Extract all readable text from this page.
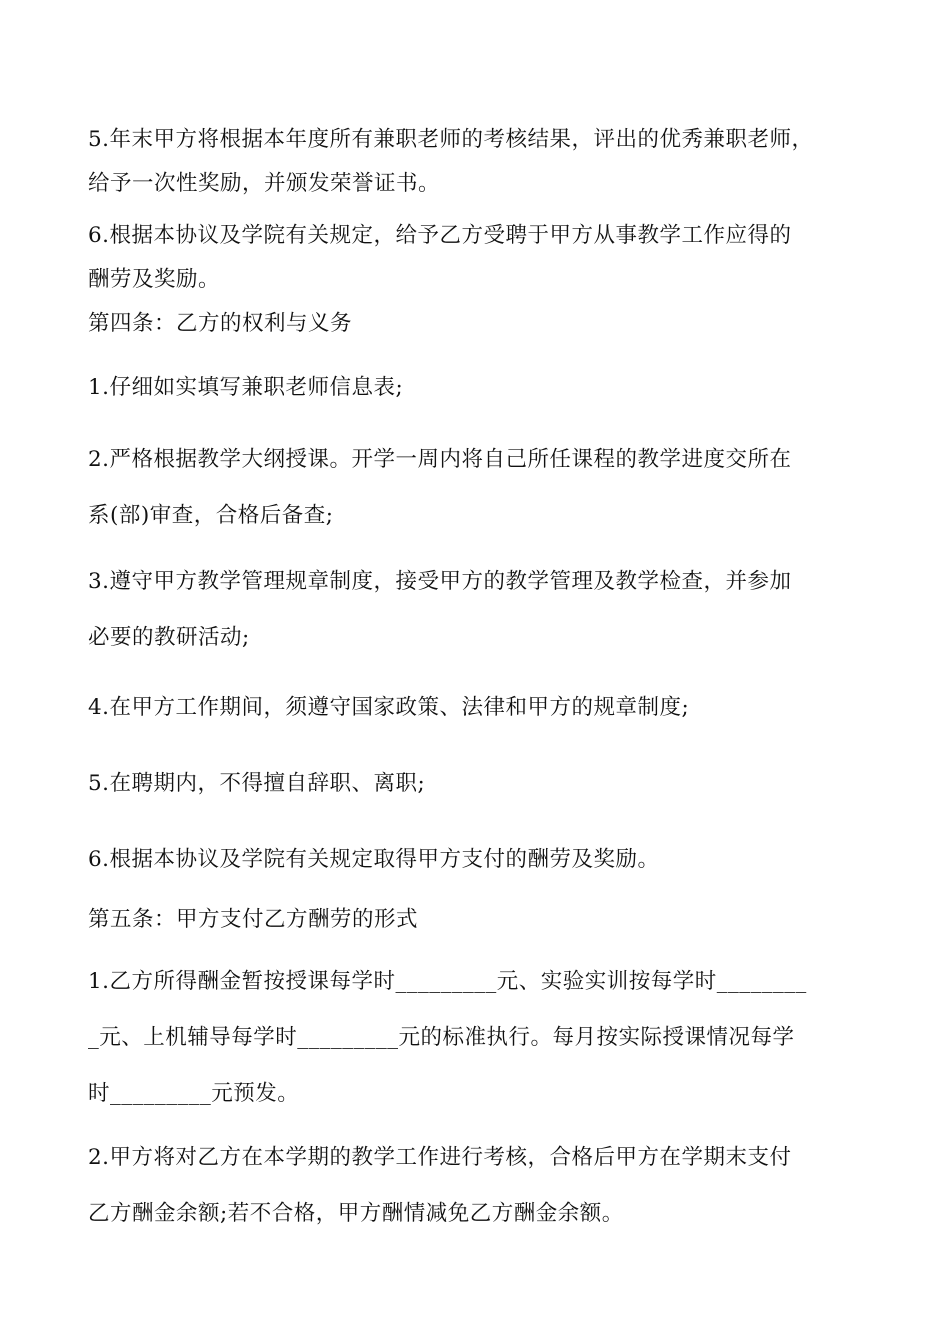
5.年末甲方将根据本年度所有兼职老师的考核结果，评出的优秀兼职老师，
给予一次性奖励，并颁发荣誉证书。

6.根据本协议及学院有关规定，给予乙方受聘于甲方从事教学工作应得的
酬劳及奖励。

第四条：乙方的权利与义务

1.仔细如实填写兼职老师信息表;

2.严格根据教学大纲授课。开学一周内将自己所任课程的教学进度交所在
系(部)审查，合格后备查;

3.遵守甲方教学管理规章制度，接受甲方的教学管理及教学检查，并参加
必要的教研活动;

4.在甲方工作期间，须遵守国家政策、法律和甲方的规章制度;

5.在聘期内，不得擅自辞职、离职;

6.根据本协议及学院有关规定取得甲方支付的酬劳及奖励。

第五条：甲方支付乙方酬劳的形式

1.乙方所得酬金暂按授课每学时_________元、实验实训按每学时________
_元、上机辅导每学时_________元的标准执行。每月按实际授课情况每学
时_________元预发。

2.甲方将对乙方在本学期的教学工作进行考核，合格后甲方在学期末支付
乙方酬金余额;若不合格，甲方酬情减免乙方酬金余额。
